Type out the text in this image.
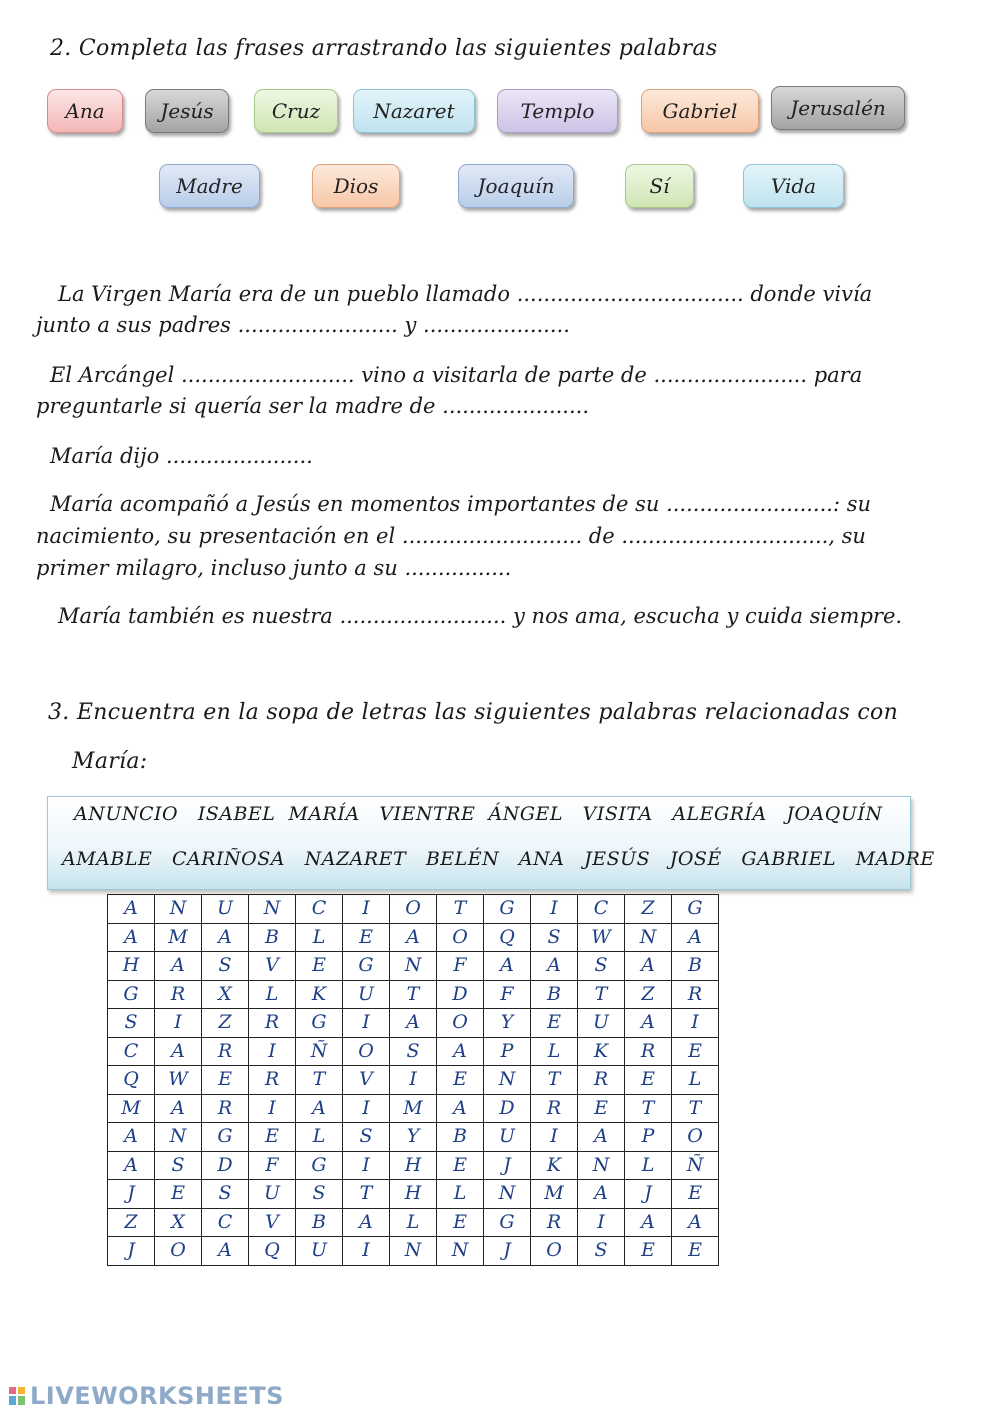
2. Completa las frases arrastrando las siguientes palabras
Ana	Jesús	Cruz	Nazaret	Templo	Gabriel	Jerusalén
Madre	Dios	Joaquín	Sí	Vida
La Virgen María era de un pueblo llamado .................................. donde vivía
junto a sus padres ........................ y ......................
El Arcángel .......................... vino a visitarla de parte de ....................... para
preguntarle si quería ser la madre de ......................
María dijo ......................
María acompañó a Jesús en momentos importantes de su .........................: su
nacimiento, su presentación en el ........................... de ..............................., su
primer milagro, incluso junto a su ................
María también es nuestra ......................... y nos ama, escucha y cuida siempre.
3. Encuentra en la sopa de letras las siguientes palabras relacionadas con
María:
ANUNCIO   ISABEL  MARÍA   VIENTRE  ÁNGEL   VISITA   ALEGRÍA   JOAQUÍN
AMABLE   CARIÑOSA   NAZARET   BELÉN   ANA   JESÚS   JOSÉ   GABRIEL   MADRE
A	N	U	N	C	I	O	T	G	I	C	Z	G
A	M	A	B	L	E	A	O	Q	S	W	N	A
H	A	S	V	E	G	N	F	A	A	S	A	B
G	R	X	L	K	U	T	D	F	B	T	Z	R
S	I	Z	R	G	I	A	O	Y	E	U	A	I
C	A	R	I	Ñ	O	S	A	P	L	K	R	E
Q	W	E	R	T	V	I	E	N	T	R	E	L
M	A	R	I	A	I	M	A	D	R	E	T	T
A	N	G	E	L	S	Y	B	U	I	A	P	O
A	S	D	F	G	I	H	E	J	K	N	L	Ñ
J	E	S	U	S	T	H	L	N	M	A	J	E
Z	X	C	V	B	A	L	E	G	R	I	A	A
J	O	A	Q	U	I	N	N	J	O	S	E	E
LIVEWORKSHEETS
